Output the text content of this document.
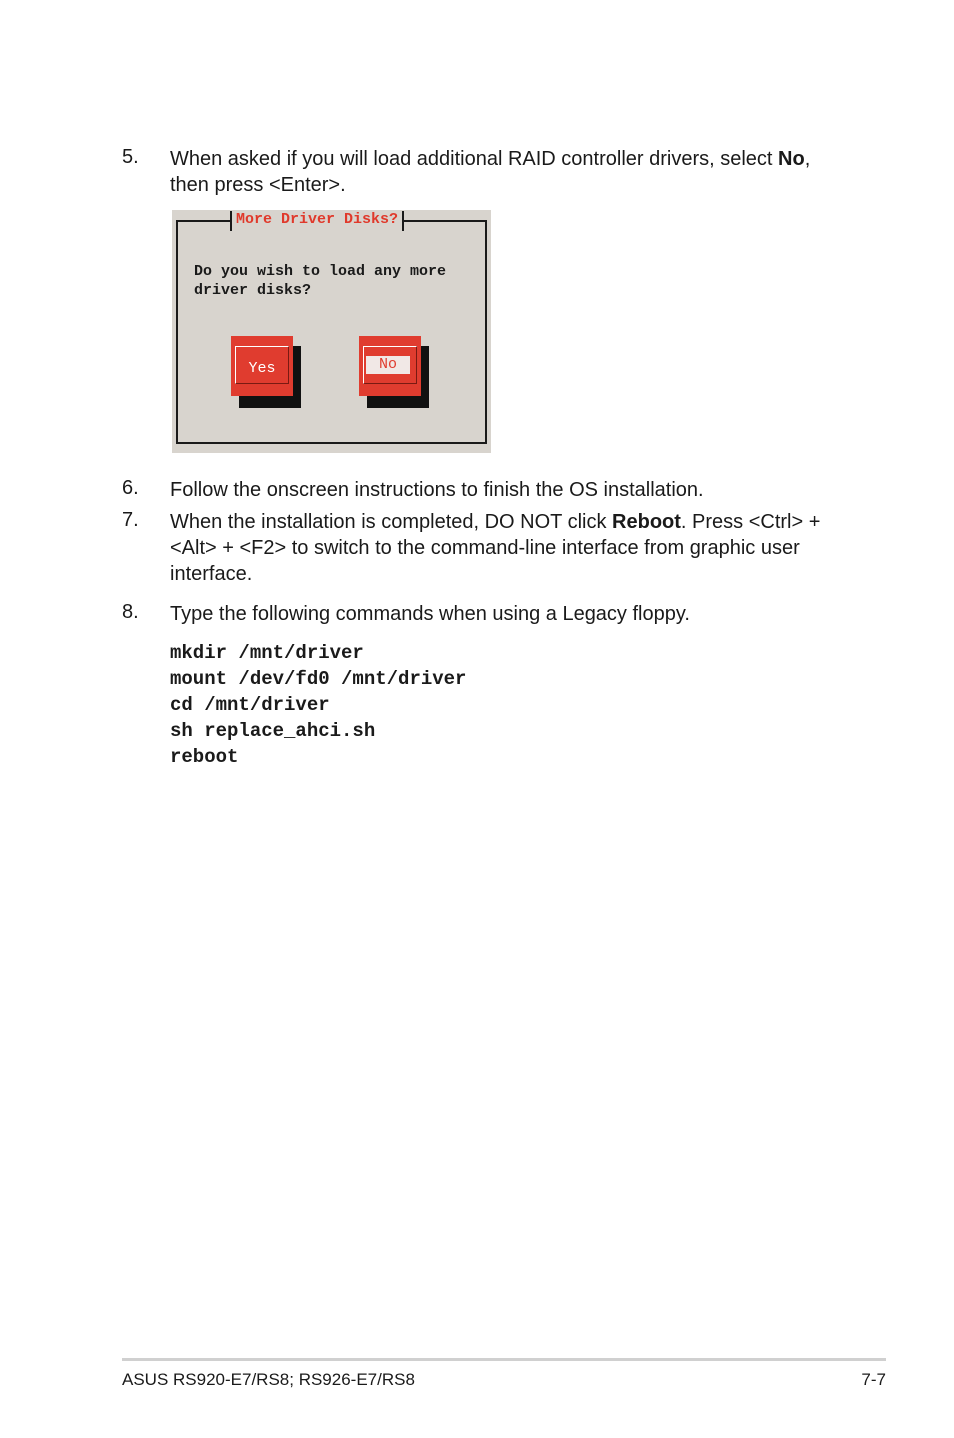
5. When asked if you will load additional RAID controller drivers, select No, then press <Enter>.
More Driver Disks?
Do you wish to load any more driver disks?
Yes	No
6. Follow the onscreen instructions to finish the OS installation.
7. When the installation is completed, DO NOT click Reboot. Press <Ctrl> + <Alt> + <F2> to switch to the command-line interface from graphic user interface.
8. Type the following commands when using a Legacy floppy.
mkdir /mnt/driver
mount /dev/fd0 /mnt/driver
cd /mnt/driver
sh replace_ahci.sh
reboot
ASUS RS920-E7/RS8; RS926-E7/RS8	7-7
